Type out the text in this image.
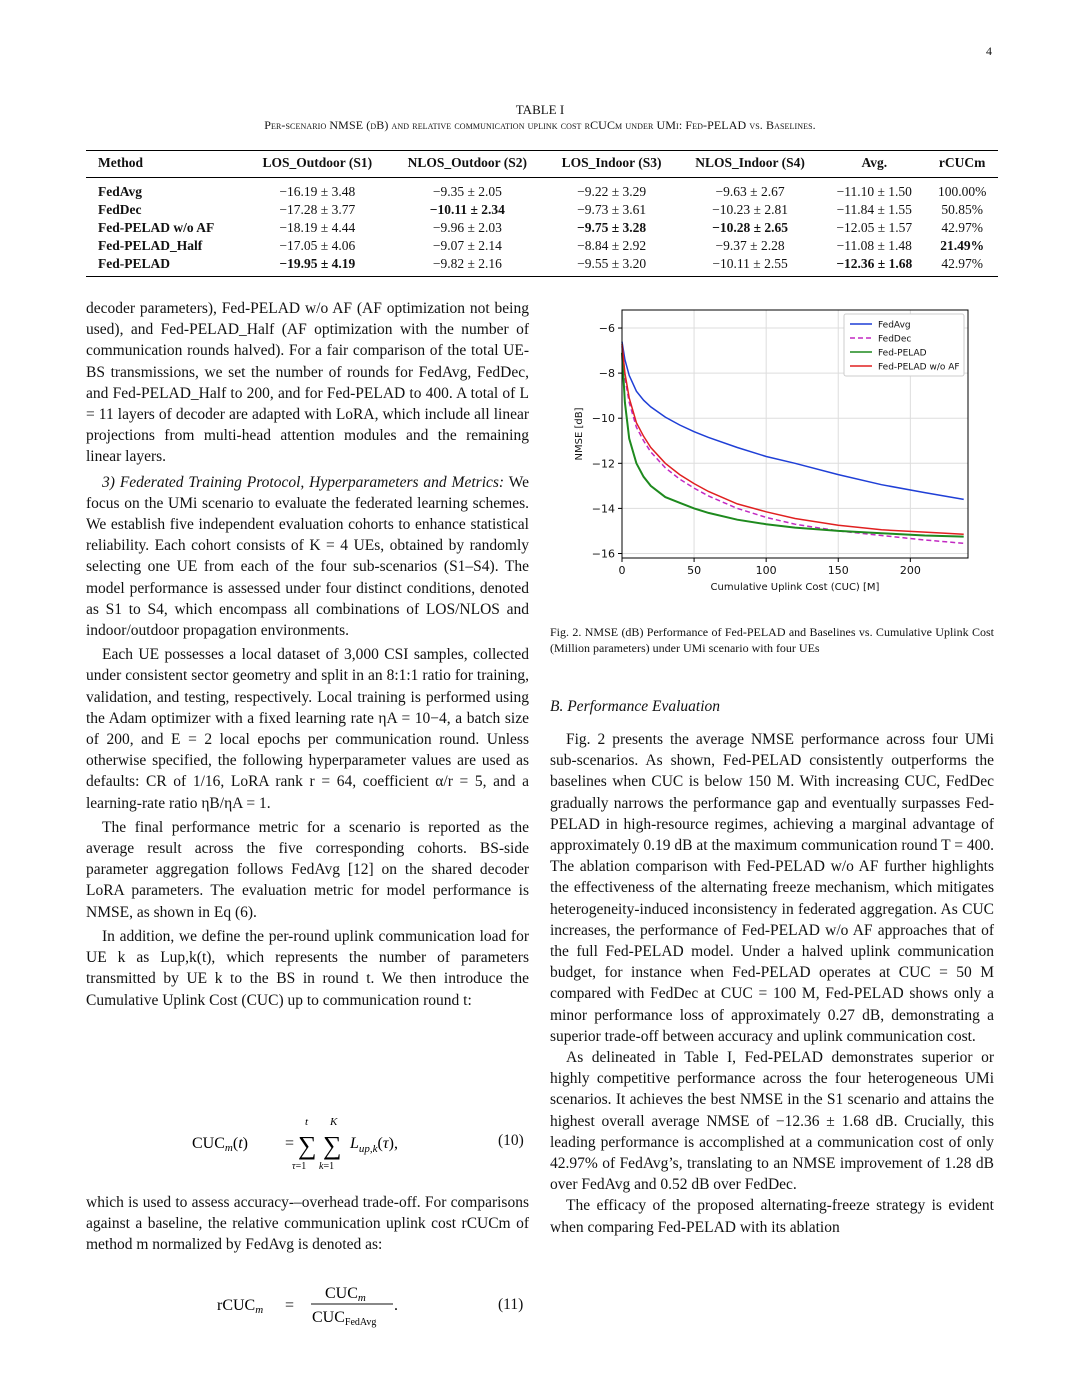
4
TABLE I
Per-scenario NMSE (dB) and relative communication uplink cost rCUCm under UMi: Fed-PELAD vs. Baselines.
Method	LOS_Outdoor (S1)	NLOS_Outdoor (S2)	LOS_Indoor (S3)	NLOS_Indoor (S4)	Avg.	rCUCm
FedAvg	−16.19 ± 3.48	−9.35 ± 2.05	−9.22 ± 3.29	−9.63 ± 2.67	−11.10 ± 1.50	100.00%
FedDec	−17.28 ± 3.77	−10.11 ± 2.34	−9.73 ± 3.61	−10.23 ± 2.81	−11.84 ± 1.55	50.85%
Fed-PELAD w/o AF	−18.19 ± 4.44	−9.96 ± 2.03	−9.75 ± 3.28	−10.28 ± 2.65	−12.05 ± 1.57	42.97%
Fed-PELAD_Half	−17.05 ± 4.06	−9.07 ± 2.14	−8.84 ± 2.92	−9.37 ± 2.28	−11.08 ± 1.48	21.49%
Fed-PELAD	−19.95 ± 4.19	−9.82 ± 2.16	−9.55 ± 3.20	−10.11 ± 2.55	−12.36 ± 1.68	42.97%

decoder parameters), Fed-PELAD w/o AF (AF optimization not being used), and Fed-PELAD_Half (AF optimization with the number of communication rounds halved). For a fair comparison of the total UE-BS transmissions, we set the number of rounds for FedAvg, FedDec, and Fed-PELAD_Half to 200, and for Fed-PELAD to 400. A total of L = 11 layers of decoder are adapted with LoRA, which include all linear projections from multi-head attention modules and the remaining linear layers.

3) Federated Training Protocol, Hyperparameters and Metrics: We focus on the UMi scenario to evaluate the federated learning schemes. We establish five independent evaluation cohorts to enhance statistical reliability. Each cohort consists of K = 4 UEs, obtained by randomly selecting one UE from each of the four sub-scenarios (S1–S4). The model performance is assessed under four distinct conditions, denoted as S1 to S4, which encompass all combinations of LOS/NLOS and indoor/outdoor propagation environments.

Each UE possesses a local dataset of 3,000 CSI samples, collected under consistent sector geometry and split in an 8:1:1 ratio for training, validation, and testing, respectively. Local training is performed using the Adam optimizer with a fixed learning rate ηA = 10−4, a batch size of 200, and E = 2 local epochs per communication round. Unless otherwise specified, the following hyperparameter values are used as defaults: CR of 1/16, LoRA rank r = 64, coefficient α/r = 5, and a learning-rate ratio ηB/ηA = 1.

The final performance metric for a scenario is reported as the average result across the five corresponding cohorts. BS-side parameter aggregation follows FedAvg [12] on the shared decoder LoRA parameters. The evaluation metric for model performance is NMSE, as shown in Eq (6).

In addition, we define the per-round uplink communication load for UE k as Lup,k(t), which represents the number of parameters transmitted by UE k to the BS in round t. We then introduce the Cumulative Uplink Cost (CUC) up to communication round t:

CUCm(t) =
t
∑
τ=1
K
∑
k=1
$L_{up,k}(\tau)$,	(10)

which is used to assess accuracy-–overhead trade-off. For comparisons against a baseline, the relative communication uplink cost rCUCm of method m normalized by FedAvg is denoted as:

rCUCm =
CUCm
CUCFedAvg
.	(11)
0	50	100	150	200
−6
−8
−10
−12
−14
−16
Cumulative Uplink Cost (CUC) [M]
NMSE [dB]
FedAvg
FedDec
Fed-PELAD
Fed-PELAD w/o AF
Fig. 2. NMSE (dB) Performance of Fed-PELAD and Baselines vs. Cumulative Uplink Cost (Million parameters) under UMi scenario with four UEs
B. Performance Evaluation

Fig. 2 presents the average NMSE performance across four UMi sub-scenarios. As shown, Fed-PELAD consistently outperforms the baselines when CUC is below 150 M. With increasing CUC, FedDec gradually narrows the performance gap and eventually surpasses Fed-PELAD in high-resource regimes, achieving a marginal advantage of approximately 0.19 dB at the maximum communication round T = 400. The ablation comparison with Fed-PELAD w/o AF further highlights the effectiveness of the alternating freeze mechanism, which mitigates heterogeneity-induced inconsistency in federated aggregation. As CUC increases, the performance of Fed-PELAD w/o AF approaches that of the full Fed-PELAD model. Under a halved uplink communication budget, for instance when Fed-PELAD operates at CUC = 50 M compared with FedDec at CUC = 100 M, Fed-PELAD shows only a minor performance loss of approximately 0.27 dB, demonstrating a superior trade-off between accuracy and uplink communication cost.

As delineated in Table I, Fed-PELAD demonstrates superior or highly competitive performance across the four heterogeneous UMi scenarios. It achieves the best NMSE in the S1 scenario and attains the highest overall average NMSE of −12.36 ± 1.68 dB. Crucially, this leading performance is accomplished at a communication cost of only 42.97% of FedAvg’s, translating to an NMSE improvement of 1.28 dB over FedAvg and 0.52 dB over FedDec.

The efficacy of the proposed alternating-freeze strategy is evident when comparing Fed-PELAD with its ablation
